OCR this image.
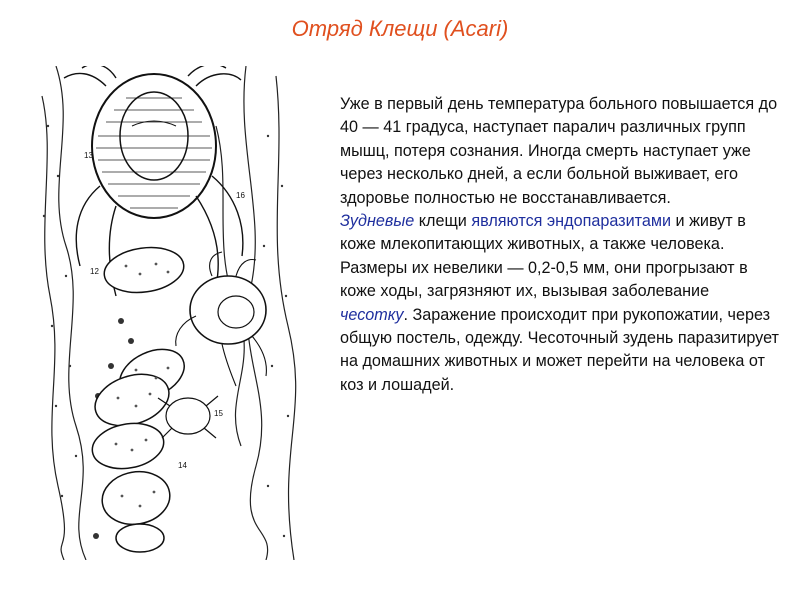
Отряд Клещи (Acari)
13
16
12
15
14

Уже в первый день температура больного повышается до 40 — 41 градуса, наступает паралич различных групп мышц, потеря сознания. Иногда смерть наступает уже через несколько дней, а если больной выживает, его здоровье полностью не восстанавливается.

Зудневые клещи являются эндопаразитами и живут в коже млекопитающих животных, а также человека. Размеры их невелики — 0,2-0,5 мм, они прогрызают в коже ходы, загрязняют их, вызывая заболевание чесотку. Заражение происходит при рукопожатии, через общую постель, одежду. Чесоточный зудень паразитирует на домашних животных и может перейти на человека от коз и лошадей.
